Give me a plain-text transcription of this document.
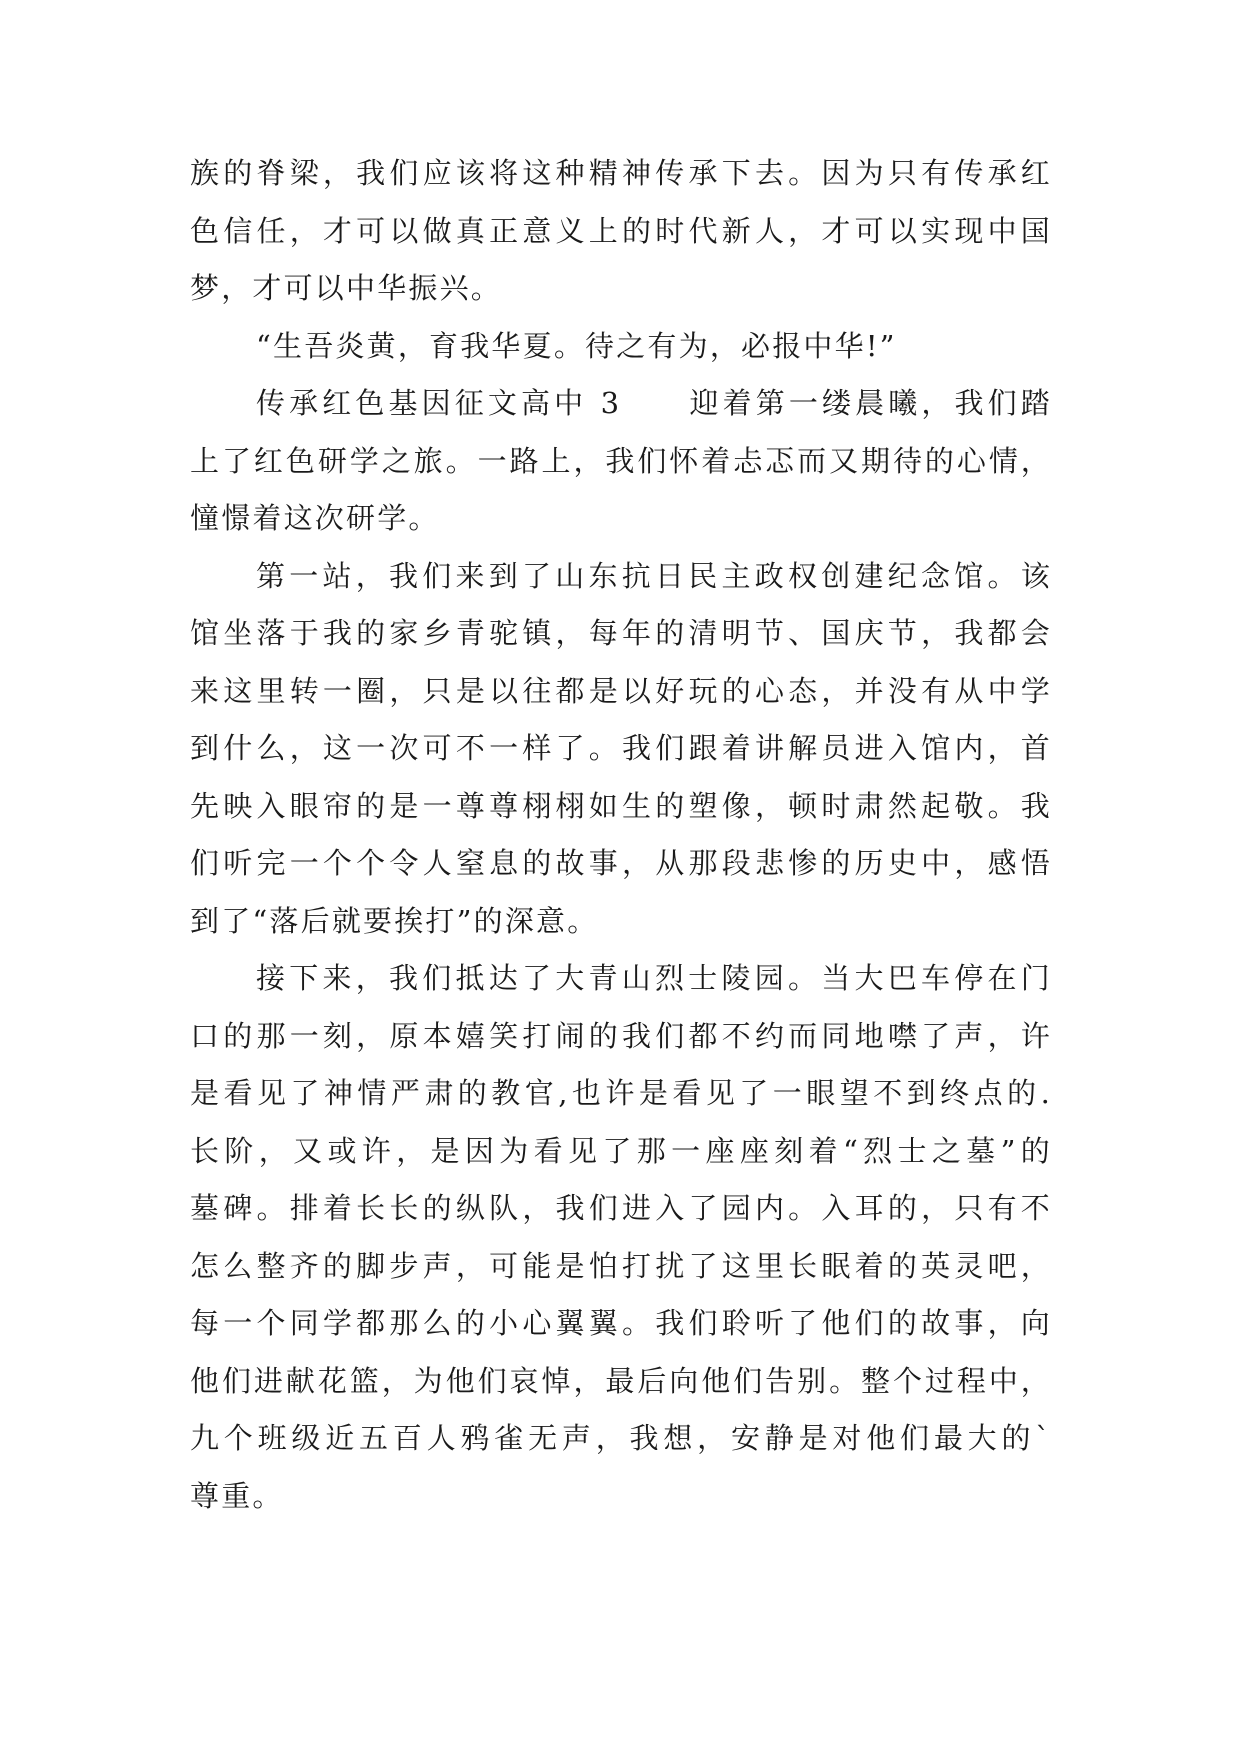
族的脊梁，我们应该将这种精神传承下去。因为只有传承红
色信任，才可以做真正意义上的时代新人，才可以实现中国
梦，才可以中华振兴。
“生吾炎黄，育我华夏。待之有为，必报中华!”
传承红色基因征文高中 3　　迎着第一缕晨曦，我们踏
上了红色研学之旅。一路上，我们怀着忐忑而又期待的心情，
憧憬着这次研学。
第一站，我们来到了山东抗日民主政权创建纪念馆。该
馆坐落于我的家乡青驼镇，每年的清明节、国庆节，我都会
来这里转一圈，只是以往都是以好玩的心态，并没有从中学
到什么，这一次可不一样了。我们跟着讲解员进入馆内，首
先映入眼帘的是一尊尊栩栩如生的塑像，顿时肃然起敬。我
们听完一个个令人窒息的故事，从那段悲惨的历史中，感悟
到了“落后就要挨打”的深意。
接下来，我们抵达了大青山烈士陵园。当大巴车停在门
口的那一刻，原本嬉笑打闹的我们都不约而同地噤了声，许
是看见了神情严肃的教官,也许是看见了一眼望不到终点的.
长阶，又或许，是因为看见了那一座座刻着“烈士之墓”的
墓碑。排着长长的纵队，我们进入了园内。入耳的，只有不
怎么整齐的脚步声，可能是怕打扰了这里长眠着的英灵吧，
每一个同学都那么的小心翼翼。我们聆听了他们的故事，向
他们进献花篮，为他们哀悼，最后向他们告别。整个过程中，
九个班级近五百人鸦雀无声，我想，安静是对他们最大的`
尊重。
